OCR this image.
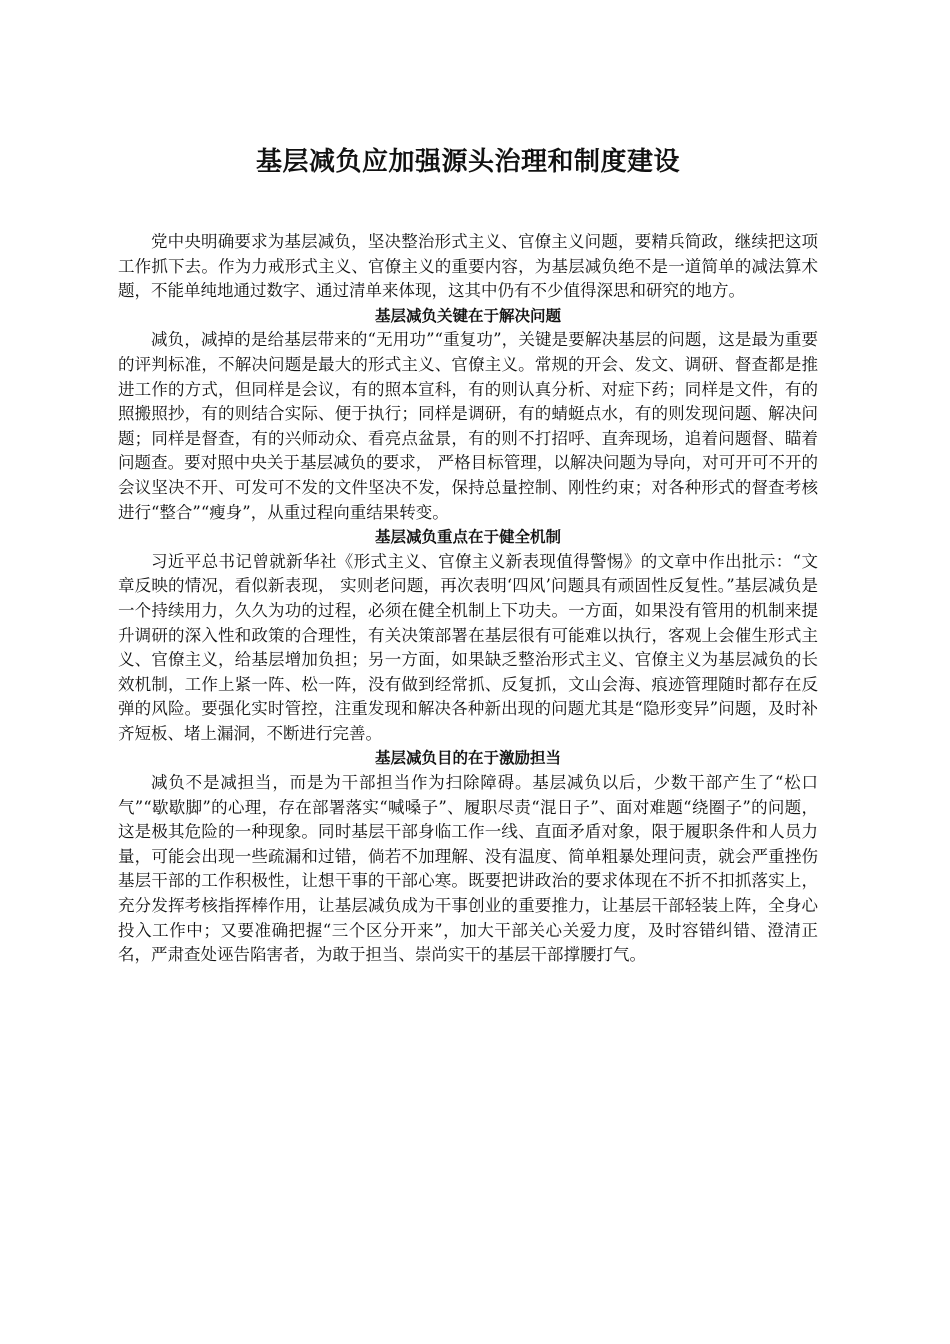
基层减负应加强源头治理和制度建设

党中央明确要求为基层减负，坚决整治形式主义、官僚主义问题，要精兵简政，继续把这项工作抓下去。作为力戒形式主义、官僚主义的重要内容，为基层减负绝不是一道简单的减法算术题，不能单纯地通过数字、通过清单来体现，这其中仍有不少值得深思和研究的地方。

基层减负关键在于解决问题

减负，减掉的是给基层带来的“无用功”“重复功”，关键是要解决基层的问题，这是最为重要的评判标准，不解决问题是最大的形式主义、官僚主义。常规的开会、发文、调研、督查都是推进工作的方式，但同样是会议，有的照本宣科，有的则认真分析、对症下药；同样是文件，有的照搬照抄，有的则结合实际、便于执行；同样是调研，有的蜻蜓点水，有的则发现问题、解决问题；同样是督查，有的兴师动众、看亮点盆景，有的则不打招呼、直奔现场，追着问题督、瞄着问题查。要对照中央关于基层减负的要求， 严格目标管理，以解决问题为导向，对可开可不开的会议坚决不开、可发可不发的文件坚决不发，保持总量控制、刚性约束；对各种形式的督查考核进行“整合”“瘦身”，从重过程向重结果转变。

基层减负重点在于健全机制

习近平总书记曾就新华社《形式主义、官僚主义新表现值得警惕》的文章中作出批示：“文章反映的情况，看似新表现， 实则老问题，再次表明‘四风’问题具有顽固性反复性。”基层减负是一个持续用力，久久为功的过程，必须在健全机制上下功夫。一方面，如果没有管用的机制来提升调研的深入性和政策的合理性，有关决策部署在基层很有可能难以执行，客观上会催生形式主义、官僚主义，给基层增加负担；另一方面，如果缺乏整治形式主义、官僚主义为基层减负的长效机制，工作上紧一阵、松一阵，没有做到经常抓、反复抓，文山会海、痕迹管理随时都存在反弹的风险。要强化实时管控，注重发现和解决各种新出现的问题尤其是“隐形变异”问题，及时补齐短板、堵上漏洞，不断进行完善。

基层减负目的在于激励担当

减负不是减担当，而是为干部担当作为扫除障碍。基层减负以后，少数干部产生了“松口气”“歇歇脚”的心理，存在部署落实“喊嗓子”、履职尽责“混日子”、面对难题“绕圈子”的问题，这是极其危险的一种现象。同时基层干部身临工作一线、直面矛盾对象，限于履职条件和人员力量，可能会出现一些疏漏和过错，倘若不加理解、没有温度、简单粗暴处理问责，就会严重挫伤基层干部的工作积极性，让想干事的干部心寒。既要把讲政治的要求体现在不折不扣抓落实上，充分发挥考核指挥棒作用，让基层减负成为干事创业的重要推力，让基层干部轻装上阵，全身心投入工作中；又要准确把握“三个区分开来”，加大干部关心关爱力度，及时容错纠错、澄清正名，严肃查处诬告陷害者，为敢于担当、崇尚实干的基层干部撑腰打气。
